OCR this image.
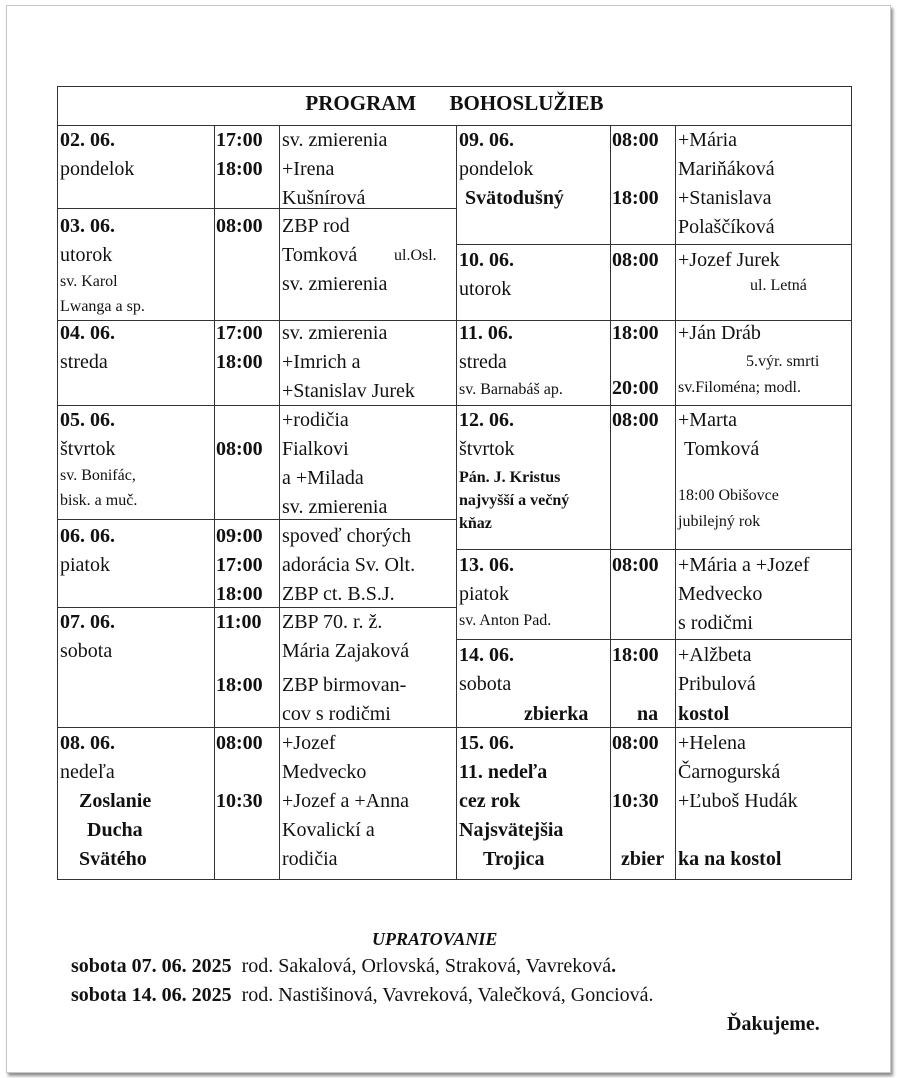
PROGRAM BOHOSLUŽIEB
02. 06.
pondelok
17:00
18:00
sv. zmierenia
+Irena
Kušnírová
03. 06.
utorok
sv. Karol
Lwanga a sp.
08:00 ZBP rod
Tomková ul.Osl.
sv. zmierenia
04. 06.
streda
17:00
18:00
sv. zmierenia
+Imrich a
+Stanislav Jurek
05. 06.
štvrtok
sv. Bonifác,
bisk. a muč.
08:00
+rodičia
Fialkovi
a +Milada
sv. zmierenia
06. 06.
piatok
09:00
17:00
18:00
spoveď chorých
adorácia Sv. Olt.
ZBP ct. B.S.J.
07. 06.
sobota
11:00
18:00
ZBP 70. r. ž.
Mária Zajaková
ZBP birmovan-
cov s rodičmi
08. 06.
nedeľa
Zoslanie
Ducha
Svätého
08:00
10:30
+Jozef
Medvecko
+Jozef a +Anna
Kovalickí a
rodičia
09. 06.
pondelok
Svätodušný
08:00
18:00
+Mária
Mariňáková
+Stanislava
Polaščíková
10. 06.
utorok
08:00 +Jozef Jurek
ul. Letná
11. 06.
streda
sv. Barnabáš ap.
18:00
20:00
+Ján Dráb
5.výr. smrti
sv.Filoména; modl.
12. 06.
štvrtok
Pán. J. Kristus
najvyšší a večný
kňaz
08:00 +Marta
Tomková
18:00 Obišovce
jubilejný rok
13. 06.
piatok
sv. Anton Pad.
08:00 +Mária a +Jozef
Medvecko
s rodičmi
14. 06.
sobota
zbierka na kostol
18:00 +Alžbeta
Pribulová
15. 06.
11. nedeľa
cez rok
Najsvätejšia
Trojica
08:00
10:30
zbier
+Helena
Čarnogurská
+Ľuboš Hudák
ka na kostol
UPRATOVANIE
sobota 07. 06. 2025 rod. Sakalová, Orlovská, Straková, Vavreková.
sobota 14. 06. 2025 rod. Nastišinová, Vavreková, Valečková, Gonciová.
Ďakujeme.
